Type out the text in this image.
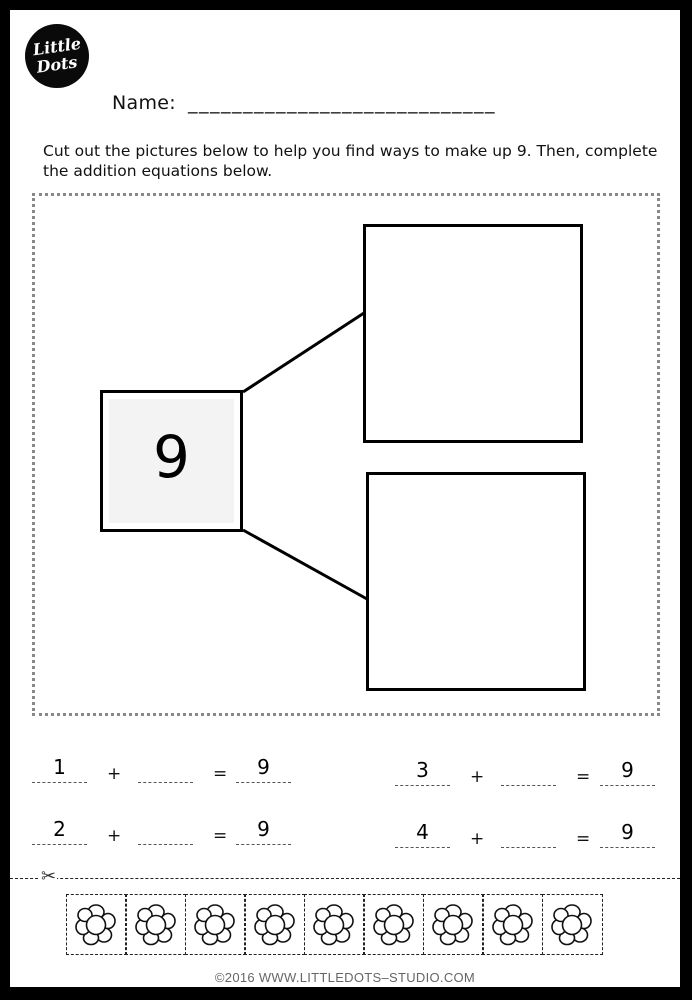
Little
Dots
Name: ____________________________
Cut out the pictures below to help you find ways to make up 9. Then, complete the addition equations below.
9
1	+	=	9
2	+	=	9
3	+	=	9
4	+	=	9
✂
©2016 WWW.LITTLEDOTS–STUDIO.COM
